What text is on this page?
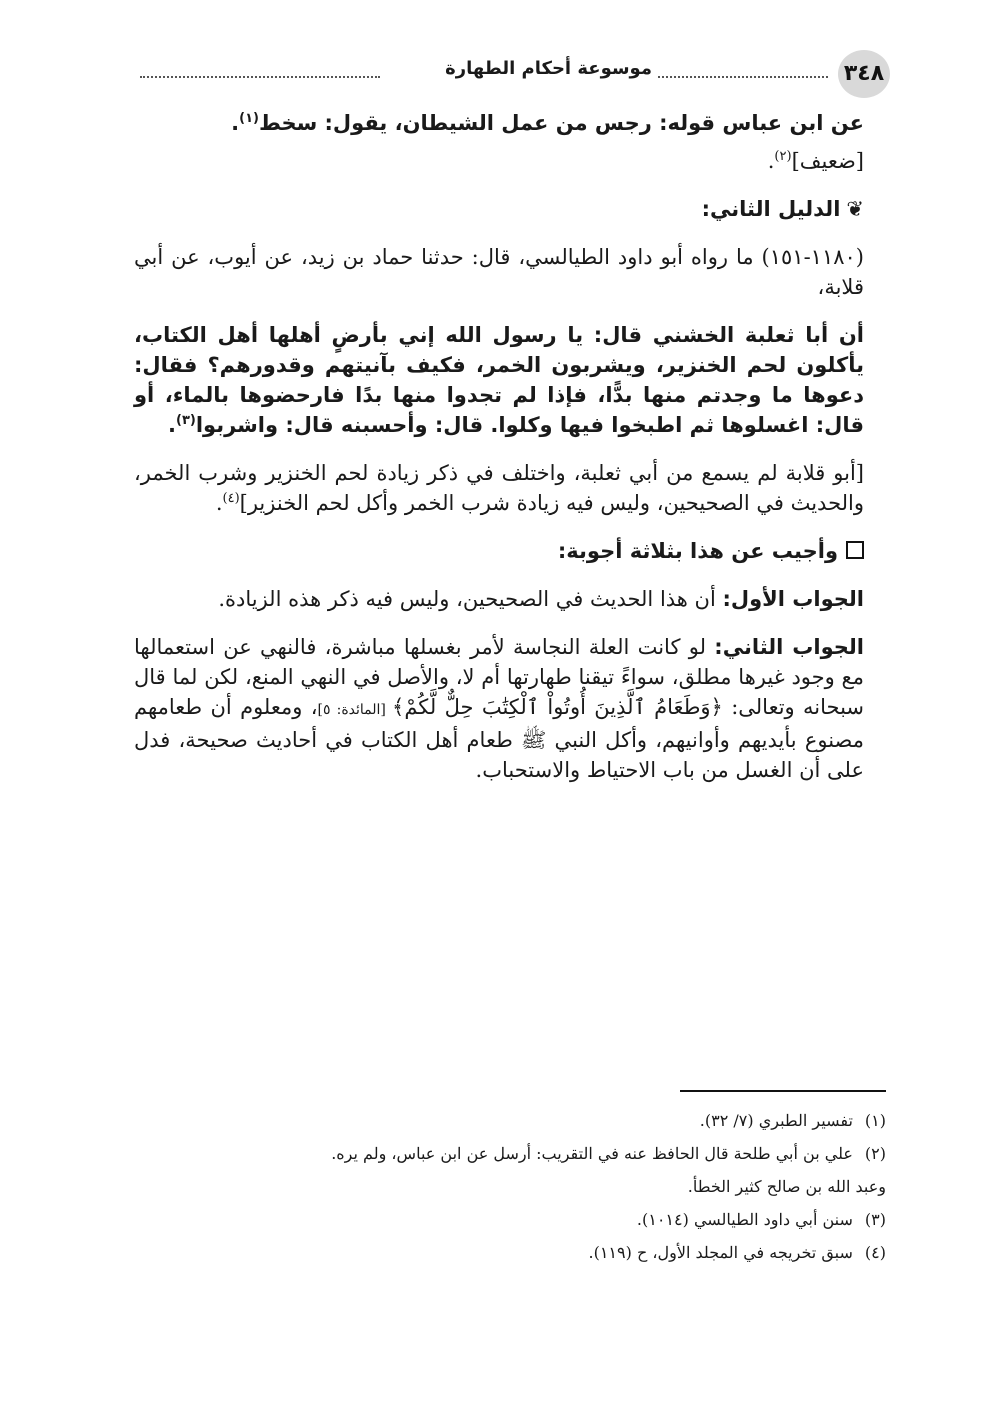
٣٤٨
موسوعة أحكام الطهارة

عن ابن عباس قوله: رجس من عمل الشيطان، يقول: سخط$^{(١)}$.

[ضعيف]$^{(٢)}$.

❦الدليل الثاني:

(١١٨٠-١٥١) ما رواه أبو داود الطيالسي، قال: حدثنا حماد بن زيد، عن أيوب، عن أبي قلابة،

أن أبا ثعلبة الخشني قال: يا رسول الله إني بأرضٍ أهلها أهل الكتاب، يأكلون لحم الخنزير، ويشربون الخمر، فكيف بآنيتهم وقدورهم؟ فقال: دعوها ما وجدتم منها بدًّا، فإذا لم تجدوا منها بدًا فارحضوها بالماء، أو قال: اغسلوها ثم اطبخوا فيها وكلوا. قال: وأحسبنه قال: واشربوا$^{(٣)}$.

[أبو قلابة لم يسمع من أبي ثعلبة، واختلف في ذكر زيادة لحم الخنزير وشرب الخمر، والحديث في الصحيحين، وليس فيه زيادة شرب الخمر وأكل لحم الخنزير]$^{(٤)}$.

وأجيب عن هذا بثلاثة أجوبة:

الجواب الأول: أن هذا الحديث في الصحيحين، وليس فيه ذكر هذه الزيادة.

الجواب الثاني: لو كانت العلة النجاسة لأمر بغسلها مباشرة، فالنهي عن استعمالها مع وجود غيرها مطلق، سواءً تيقنا طهارتها أم لا، والأصل في النهي المنع، لكن لما قال سبحانه وتعالى: ﴿وَطَعَامُ ٱلَّذِينَ أُوتُواْ ٱلْكِتَٰبَ حِلٌّ لَّكُمْ﴾ [المائدة: ٥]، ومعلوم أن طعامهم مصنوع بأيديهم وأوانيهم، وأكل النبي ﷺ طعام أهل الكتاب في أحاديث صحيحة، فدل على أن الغسل من باب الاحتياط والاستحباب.

(١)تفسير الطبري (٧/ ٣٢).

(٢)علي بن أبي طلحة قال الحافظ عنه في التقريب: أرسل عن ابن عباس، ولم يره.

وعبد الله بن صالح كثير الخطأ.

(٣)سنن أبي داود الطيالسي (١٠١٤).

(٤)سبق تخريجه في المجلد الأول، ح (١١٩).
